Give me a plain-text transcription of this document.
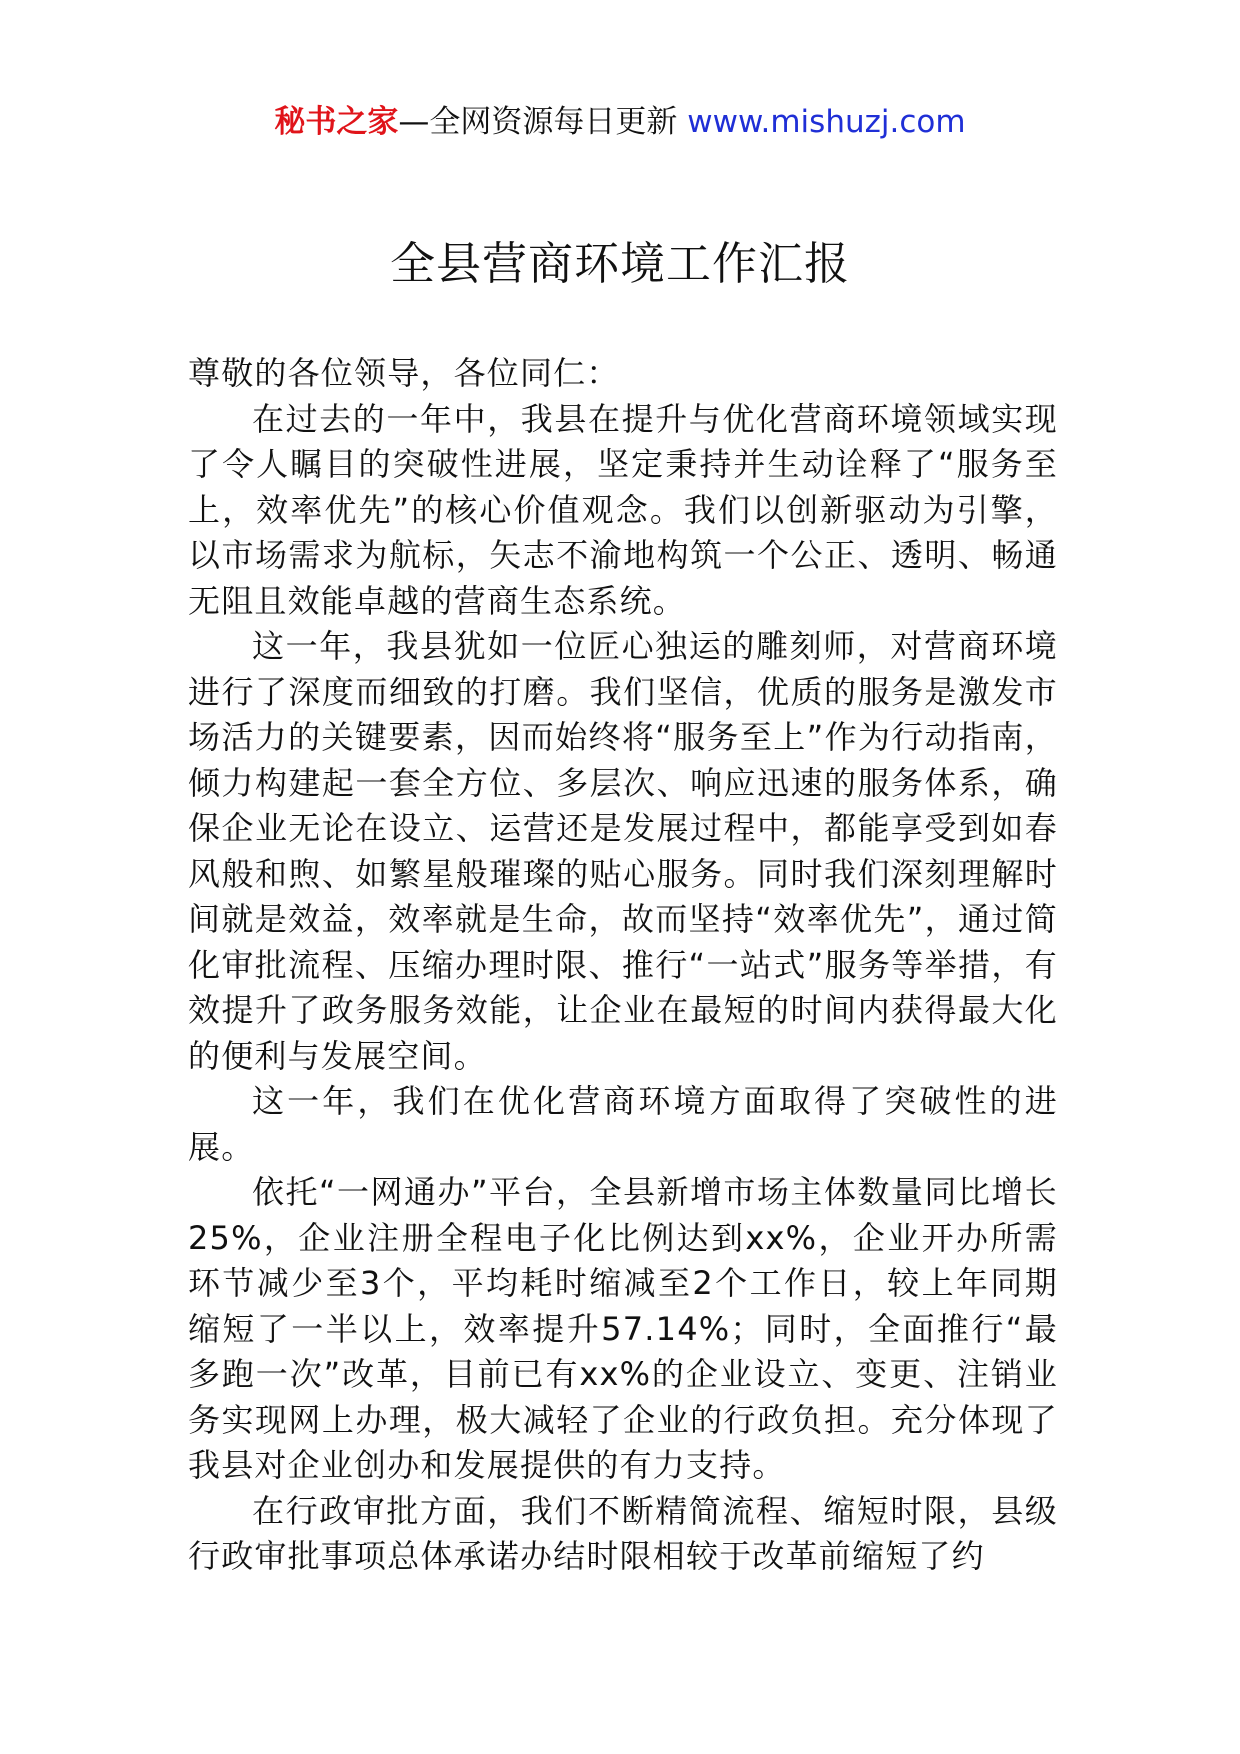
秘书之家—全网资源每日更新 www.mishuzj.com
全县营商环境工作汇报

尊敬的各位领导，各位同仁：

在过去的一年中，我县在提升与优化营商环境领域实现了令人瞩目的突破性进展，坚定秉持并生动诠释了“服务至上，效率优先”的核心价值观念。我们以创新驱动为引擎，以市场需求为航标，矢志不渝地构筑一个公正、透明、畅通无阻且效能卓越的营商生态系统。

这一年，我县犹如一位匠心独运的雕刻师，对营商环境进行了深度而细致的打磨。我们坚信，优质的服务是激发市场活力的关键要素，因而始终将“服务至上”作为行动指南，倾力构建起一套全方位、多层次、响应迅速的服务体系，确保企业无论在设立、运营还是发展过程中，都能享受到如春风般和煦、如繁星般璀璨的贴心服务。同时我们深刻理解时间就是效益，效率就是生命，故而坚持“效率优先”，通过简化审批流程、压缩办理时限、推行“一站式”服务等举措，有效提升了政务服务效能，让企业在最短的时间内获得最大化的便利与发展空间。

这一年，我们在优化营商环境方面取得了突破性的进展。

依托“一网通办”平台，全县新增市场主体数量同比增长25%，企业注册全程电子化比例达到xx%，企业开办所需环节减少至3个，平均耗时缩减至2个工作日，较上年同期缩短了一半以上，效率提升57.14%；同时，全面推行“最多跑一次”改革，目前已有xx%的企业设立、变更、注销业务实现网上办理，极大减轻了企业的行政负担。充分体现了我县对企业创办和发展提供的有力支持。

在行政审批方面，我们不断精简流程、缩短时限，县级行政审批事项总体承诺办结时限相较于改革前缩短了约
